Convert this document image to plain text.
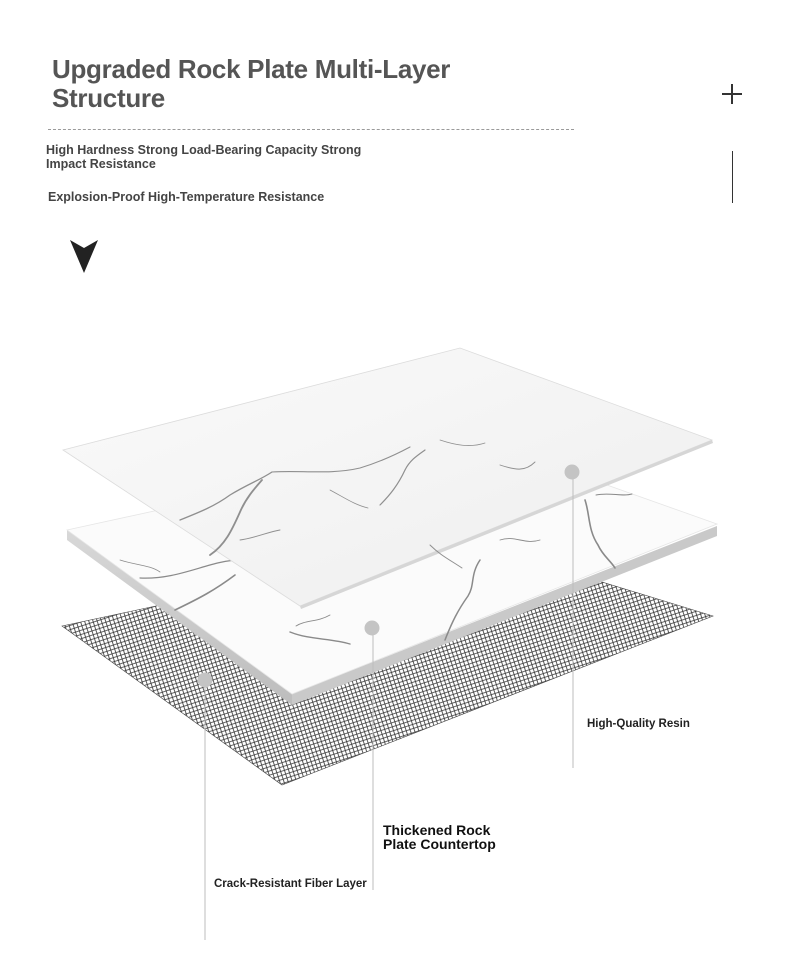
Upgraded Rock Plate Multi-Layer Structure
High Hardness Strong Load-Bearing Capacity Strong Impact Resistance
Explosion-Proof High-Temperature Resistance
High-Quality Resin
Thickened Rock Plate Countertop
Crack-Resistant Fiber Layer
